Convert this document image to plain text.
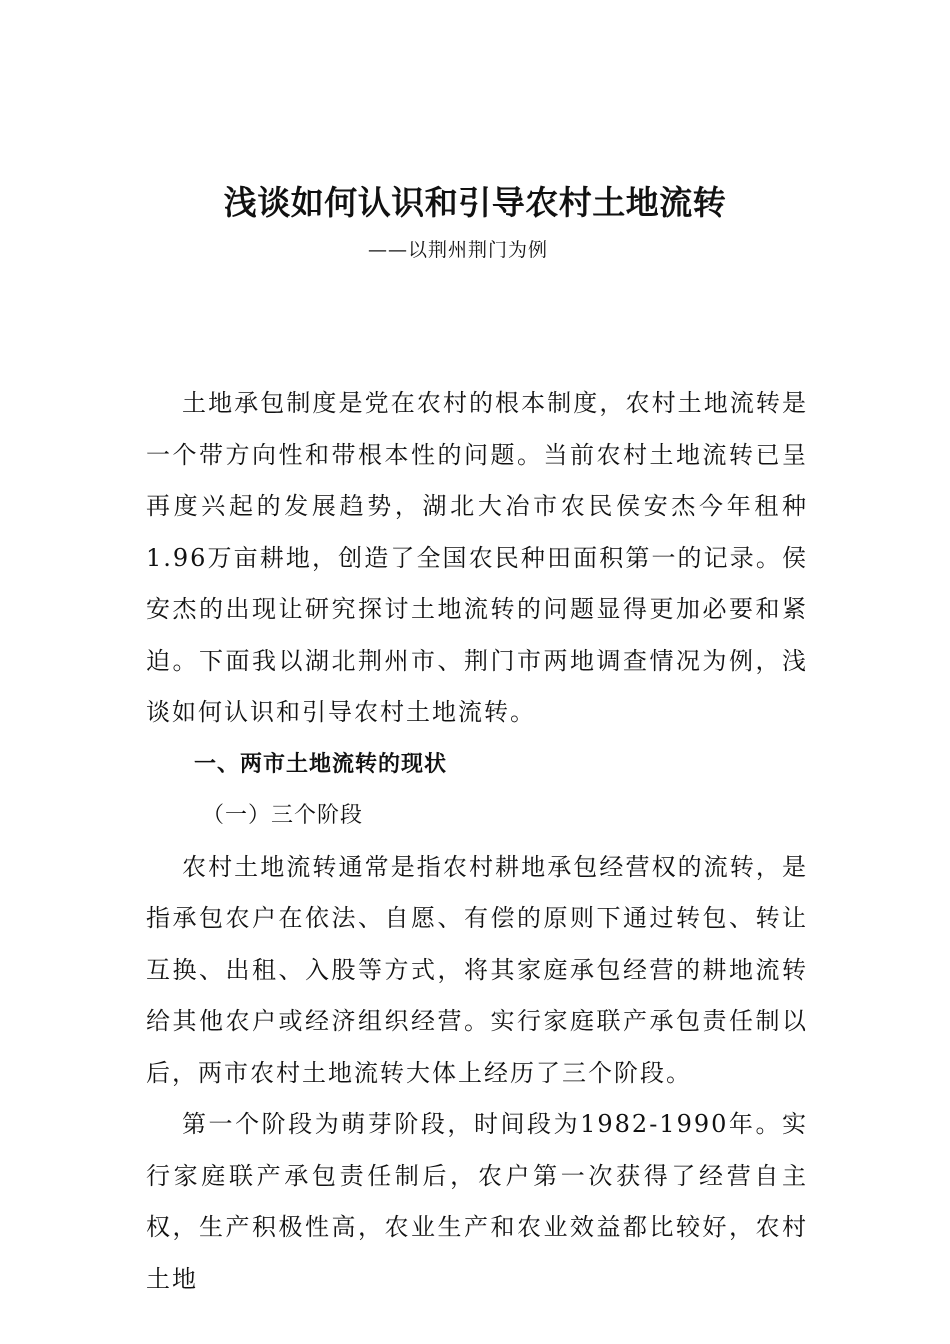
浅谈如何认识和引导农村土地流转
——以荆州荆门为例

土地承包制度是党在农村的根本制度，农村土地流转是一个带方向性和带根本性的问题。当前农村土地流转已呈再度兴起的发展趋势，湖北大冶市农民侯安杰今年租种1.96万亩耕地，创造了全国农民种田面积第一的记录。侯安杰的出现让研究探讨土地流转的问题显得更加必要和紧迫。下面我以湖北荆州市、荆门市两地调查情况为例，浅谈如何认识和引导农村土地流转。

一、两市土地流转的现状

（一）三个阶段

农村土地流转通常是指农村耕地承包经营权的流转，是指承包农户在依法、自愿、有偿的原则下通过转包、转让互换、出租、入股等方式，将其家庭承包经营的耕地流转给其他农户或经济组织经营。实行家庭联产承包责任制以后，两市农村土地流转大体上经历了三个阶段。

第一个阶段为萌芽阶段，时间段为1982-1990年。实行家庭联产承包责任制后，农户第一次获得了经营自主权，生产积极性高，农业生产和农业效益都比较好，农村土地
